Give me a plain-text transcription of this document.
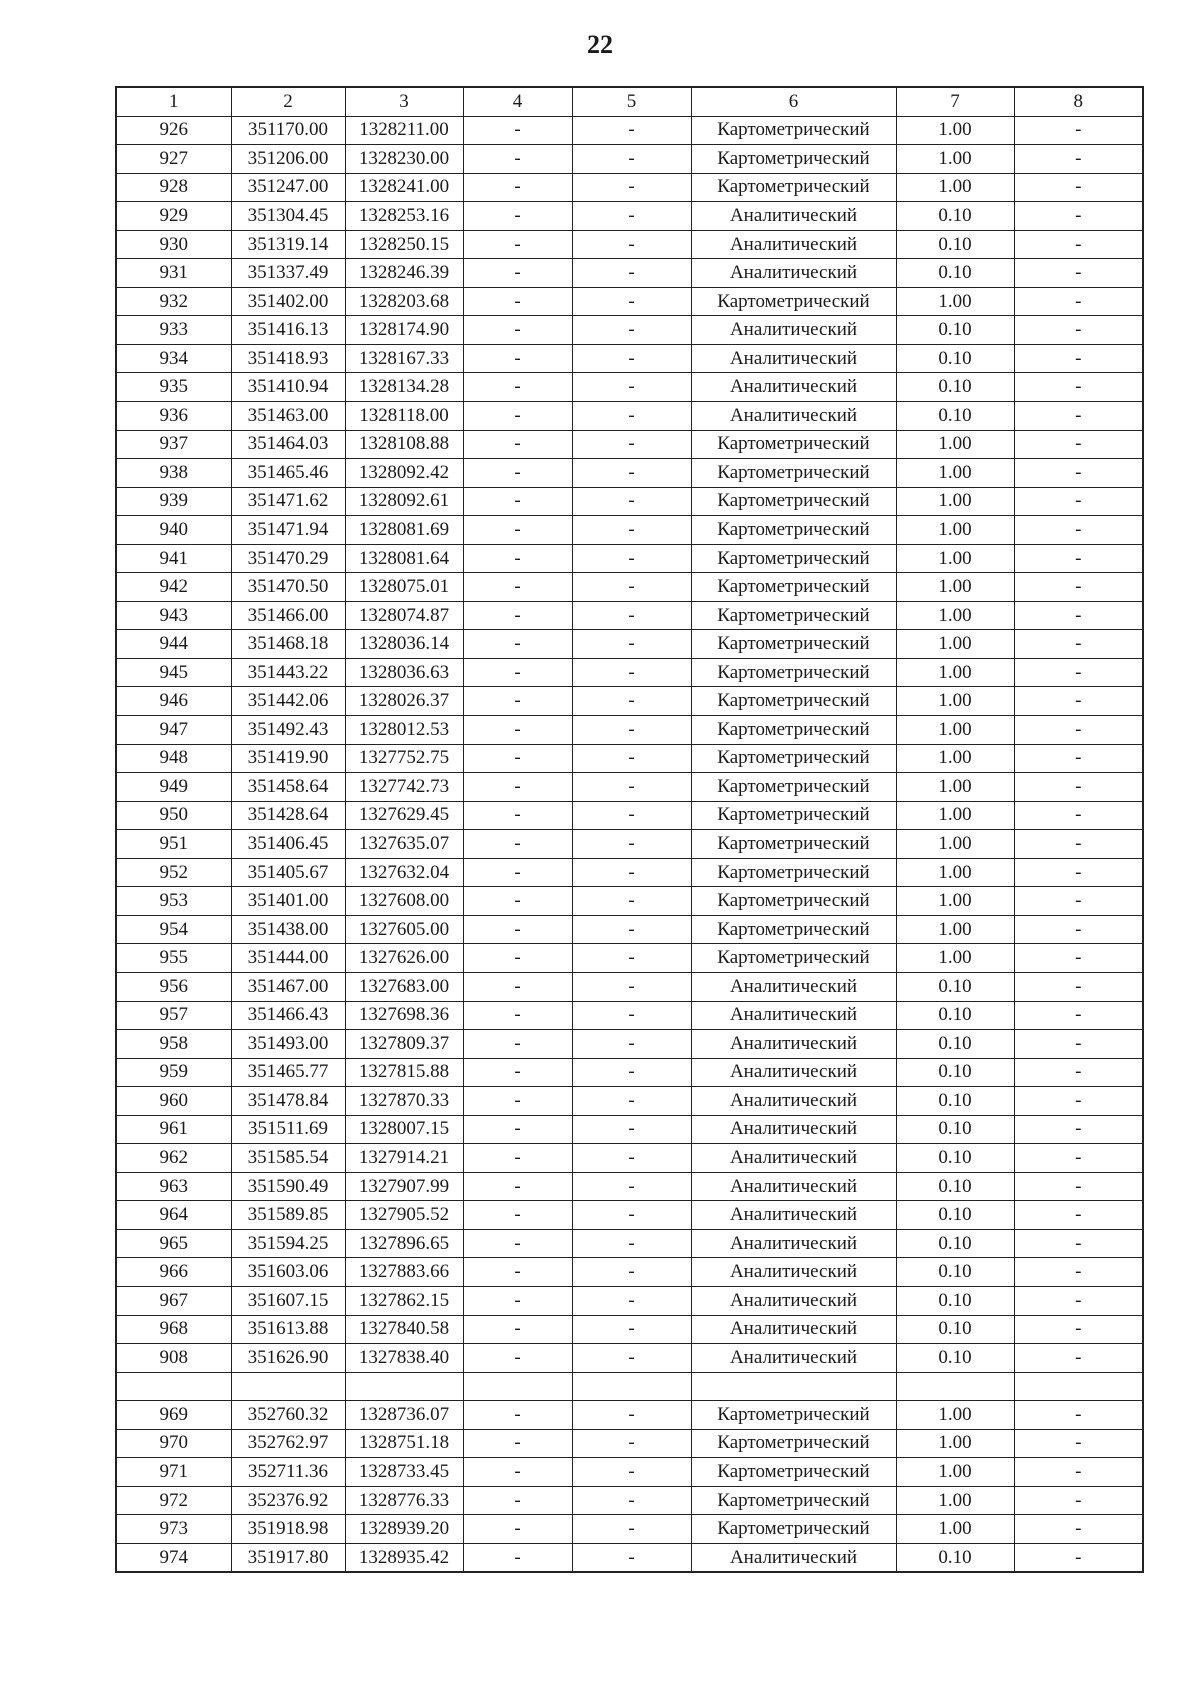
22
1	2	3	4	5	6	7	8
926	351170.00	1328211.00	-	-	Картометрический	1.00	-
927	351206.00	1328230.00	-	-	Картометрический	1.00	-
928	351247.00	1328241.00	-	-	Картометрический	1.00	-
929	351304.45	1328253.16	-	-	Аналитический	0.10	-
930	351319.14	1328250.15	-	-	Аналитический	0.10	-
931	351337.49	1328246.39	-	-	Аналитический	0.10	-
932	351402.00	1328203.68	-	-	Картометрический	1.00	-
933	351416.13	1328174.90	-	-	Аналитический	0.10	-
934	351418.93	1328167.33	-	-	Аналитический	0.10	-
935	351410.94	1328134.28	-	-	Аналитический	0.10	-
936	351463.00	1328118.00	-	-	Аналитический	0.10	-
937	351464.03	1328108.88	-	-	Картометрический	1.00	-
938	351465.46	1328092.42	-	-	Картометрический	1.00	-
939	351471.62	1328092.61	-	-	Картометрический	1.00	-
940	351471.94	1328081.69	-	-	Картометрический	1.00	-
941	351470.29	1328081.64	-	-	Картометрический	1.00	-
942	351470.50	1328075.01	-	-	Картометрический	1.00	-
943	351466.00	1328074.87	-	-	Картометрический	1.00	-
944	351468.18	1328036.14	-	-	Картометрический	1.00	-
945	351443.22	1328036.63	-	-	Картометрический	1.00	-
946	351442.06	1328026.37	-	-	Картометрический	1.00	-
947	351492.43	1328012.53	-	-	Картометрический	1.00	-
948	351419.90	1327752.75	-	-	Картометрический	1.00	-
949	351458.64	1327742.73	-	-	Картометрический	1.00	-
950	351428.64	1327629.45	-	-	Картометрический	1.00	-
951	351406.45	1327635.07	-	-	Картометрический	1.00	-
952	351405.67	1327632.04	-	-	Картометрический	1.00	-
953	351401.00	1327608.00	-	-	Картометрический	1.00	-
954	351438.00	1327605.00	-	-	Картометрический	1.00	-
955	351444.00	1327626.00	-	-	Картометрический	1.00	-
956	351467.00	1327683.00	-	-	Аналитический	0.10	-
957	351466.43	1327698.36	-	-	Аналитический	0.10	-
958	351493.00	1327809.37	-	-	Аналитический	0.10	-
959	351465.77	1327815.88	-	-	Аналитический	0.10	-
960	351478.84	1327870.33	-	-	Аналитический	0.10	-
961	351511.69	1328007.15	-	-	Аналитический	0.10	-
962	351585.54	1327914.21	-	-	Аналитический	0.10	-
963	351590.49	1327907.99	-	-	Аналитический	0.10	-
964	351589.85	1327905.52	-	-	Аналитический	0.10	-
965	351594.25	1327896.65	-	-	Аналитический	0.10	-
966	351603.06	1327883.66	-	-	Аналитический	0.10	-
967	351607.15	1327862.15	-	-	Аналитический	0.10	-
968	351613.88	1327840.58	-	-	Аналитический	0.10	-
908	351626.90	1327838.40	-	-	Аналитический	0.10	-

969	352760.32	1328736.07	-	-	Картометрический	1.00	-
970	352762.97	1328751.18	-	-	Картометрический	1.00	-
971	352711.36	1328733.45	-	-	Картометрический	1.00	-
972	352376.92	1328776.33	-	-	Картометрический	1.00	-
973	351918.98	1328939.20	-	-	Картометрический	1.00	-
974	351917.80	1328935.42	-	-	Аналитический	0.10	-
